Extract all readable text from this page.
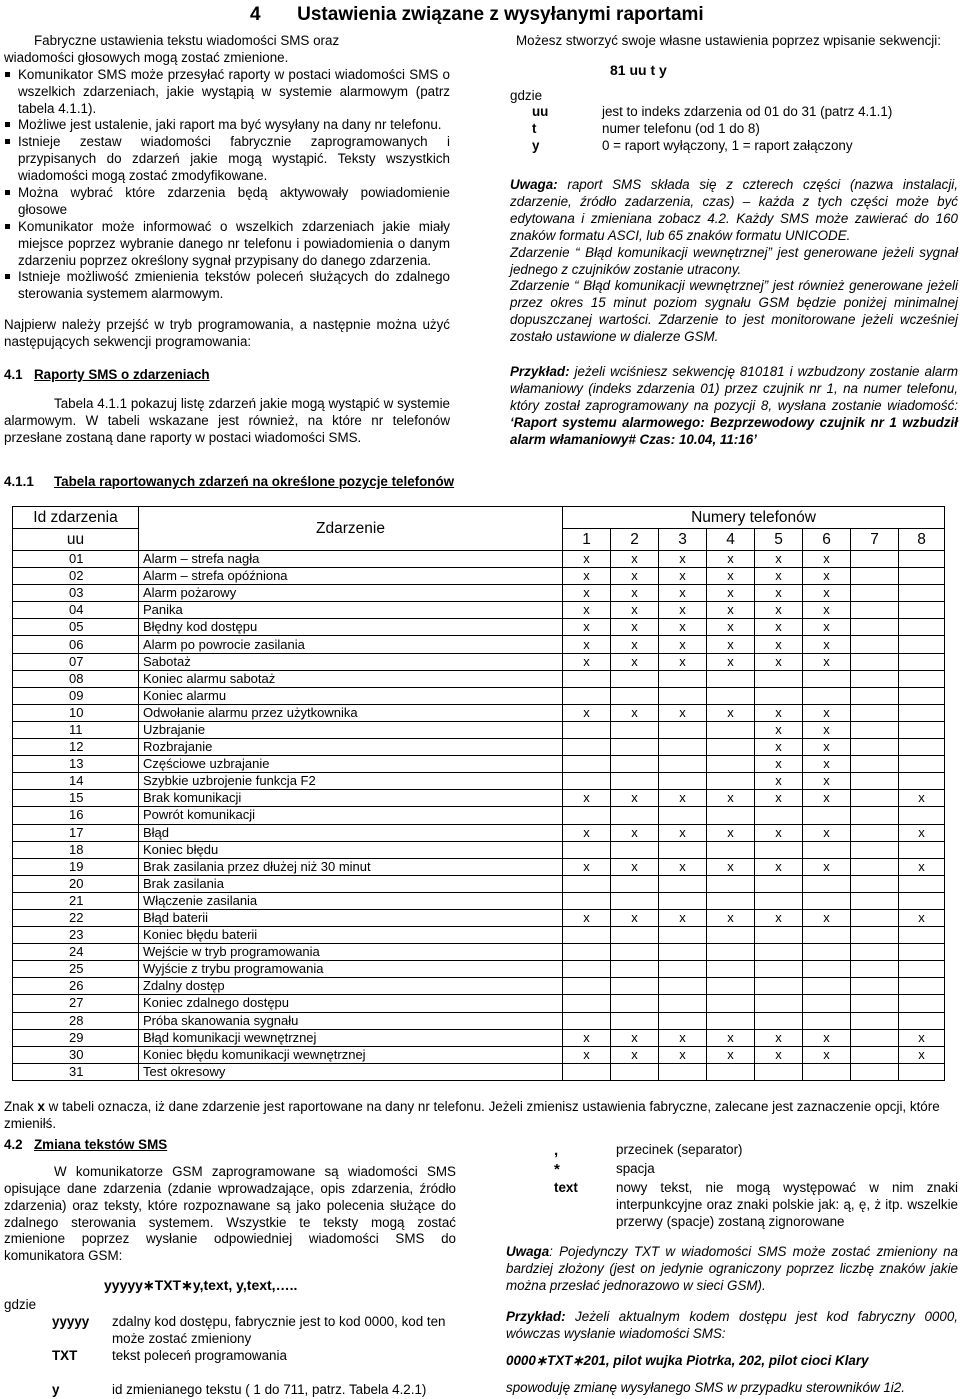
4 Ustawienia związane z wysyłanymi raportami

Fabryczne ustawienia tekstu wiadomości SMS oraz

wiadomości głosowych mogą zostać zmienione.

Komunikator SMS może przesyłać raporty w postaci wiadomości SMS o wszelkich zdarzeniach, jakie wystąpią w systemie alarmowym (patrz tabela 4.1.1).

Możliwe jest ustalenie, jaki raport ma być wysyłany na dany nr telefonu.

Istnieje zestaw wiadomości fabrycznie zaprogramowanych i przypisanych do zdarzeń jakie mogą wystąpić. Teksty wszystkich wiadomości mogą zostać zmodyfikowane.

Można wybrać które zdarzenia będą aktywowały powiadomienie głosowe

Komunikator może informować o wszelkich zdarzeniach jakie miały miejsce poprzez wybranie danego nr telefonu i powiadomienia o danym zdarzeniu poprzez określony sygnał przypisany do danego zdarzenia.

Istnieje możliwość zmienienia tekstów poleceń służących do zdalnego sterowania systemem alarmowym.

Najpierw należy przejść w tryb programowania, a następnie można użyć następujących sekwencji programowania:

4.1 Raporty SMS o zdarzeniach

Tabela 4.1.1 pokazuj listę zdarzeń jakie mogą wystąpić w systemie alarmowym. W tabeli wskazane jest również, na które nr telefonów przesłane zostaną dane raporty w postaci wiadomości SMS.

Możesz stworzyć swoje własne ustawienia poprzez wpisanie sekwencji:

81 uu t y

gdzie

uu	jest to indeks zdarzenia od 01 do 31 (patrz 4.1.1)
t	numer telefonu (od 1 do 8)
y	0 = raport wyłączony, 1 = raport załączony

Uwaga: raport SMS składa się z czterech części (nazwa instalacji, zdarzenie, źródło zadarzenia, czas) – każda z tych części może być edytowana i zmieniana zobacz 4.2. Każdy SMS może zawierać do 160 znaków formatu ASCI, lub 65 znaków formatu UNICODE.

Zdarzenie “ Błąd komunikacji wewnętrznej” jest generowane jeżeli sygnał jednego z czujników zostanie utracony.

Zdarzenie “ Błąd komunikacji wewnętrznej” jest również generowane jeżeli przez okres 15 minut poziom sygnału GSM będzie poniżej minimalnej dopuszczanej wartości. Zdarzenie to jest monitorowane jeżeli wcześniej zostało ustawione w dialerze GSM.

Przykład: jeżeli wciśniesz sekwencję 810181 i wzbudzony zostanie alarm włamaniowy (indeks zdarzenia 01) przez czujnik nr 1, na numer telefonu, który został zaprogramowany na pozycji 8, wysłana zostanie wiadomość: ‘Raport systemu alarmowego: Bezprzewodowy czujnik nr 1 wzbudził alarm włamaniowy# Czas: 10.04, 11:16’

4.1.1 Tabela raportowanych zdarzeń na określone pozycje telefonów
Id zdarzenia	Zdarzenie	Numery telefonów							
uu		1	2	3	4	5	6	7	8
01	Alarm – strefa nagła	x	x	x	x	x	x		
02	Alarm – strefa opóźniona	x	x	x	x	x	x		
03	Alarm pożarowy	x	x	x	x	x	x		
04	Panika	x	x	x	x	x	x		
05	Błędny kod dostępu	x	x	x	x	x	x		
06	Alarm po powrocie zasilania	x	x	x	x	x	x		
07	Sabotaż	x	x	x	x	x	x		
08	Koniec alarmu sabotaż								
09	Koniec alarmu								
10	Odwołanie alarmu przez użytkownika	x	x	x	x	x	x		
11	Uzbrajanie					x	x		
12	Rozbrajanie					x	x		
13	Częściowe uzbrajanie					x	x		
14	Szybkie uzbrojenie funkcja F2					x	x		
15	Brak komunikacji	x	x	x	x	x	x		x
16	Powrót komunikacji								
17	Błąd	x	x	x	x	x	x		x
18	Koniec błędu								
19	Brak zasilania przez dłużej niż 30 minut	x	x	x	x	x	x		x
20	Brak zasilania								
21	Włączenie zasilania								
22	Błąd baterii	x	x	x	x	x	x		x
23	Koniec błędu baterii								
24	Wejście w tryb programowania								
25	Wyjście z trybu programowania								
26	Zdalny dostęp								
27	Koniec zdalnego dostępu								
28	Próba skanowania sygnału								
29	Błąd komunikacji wewnętrznej	x	x	x	x	x	x		x
30	Koniec błędu komunikacji wewnętrznej	x	x	x	x	x	x		x
31	Test okresowy								

Znak x w tabeli oznacza, iż dane zdarzenie jest raportowane na dany nr telefonu. Jeżeli zmienisz ustawienia fabryczne, zalecane jest zaznaczenie opcji, które zmieniłś.

4.2 Zmiana tekstów SMS

W komunikatorze GSM zaprogramowane są wiadomości SMS opisujące dane zdarzenia (zdanie wprowadzające, opis zdarzenia, źródło zdarzenia) oraz teksty, które rozpoznawane są jako polecenia służące do zdalnego sterowania systemem. Wszystkie te teksty mogą zostać zmienione poprzez wysłanie odpowiedniej wiadomości SMS do komunikatora GSM:

yyyyy∗TXT∗y,text, y,text,…..

gdzie

yyyyy	zdalny kod dostępu, fabrycznie jest to kod 0000, kod ten może zostać zmieniony
TXT	tekst poleceń programowania
y	id zmienianego tekstu ( 1 do 711, patrz. Tabela 4.2.1)
,	przecinek (separator)
*	spacja
text	nowy tekst, nie mogą występować w nim znaki interpunkcyjne oraz znaki polskie jak: ą, ę, ż itp. wszelkie przerwy (spacje) zostaną zignorowane

Uwaga: Pojedynczy TXT w wiadomości SMS może zostać zmieniony na bardziej złożony (jest on jedynie ograniczony poprzez liczbę znaków jakie można przesłać jednorazowo w sieci GSM).

Przykład: Jeżeli aktualnym kodem dostępu jest kod fabryczny 0000, wówczas wysłanie wiadomości SMS:

0000∗TXT∗201, pilot wujka Piotrka, 202, pilot cioci Klary

spowoduję zmianę wysyłanego SMS w przypadku sterowników 1i2.
